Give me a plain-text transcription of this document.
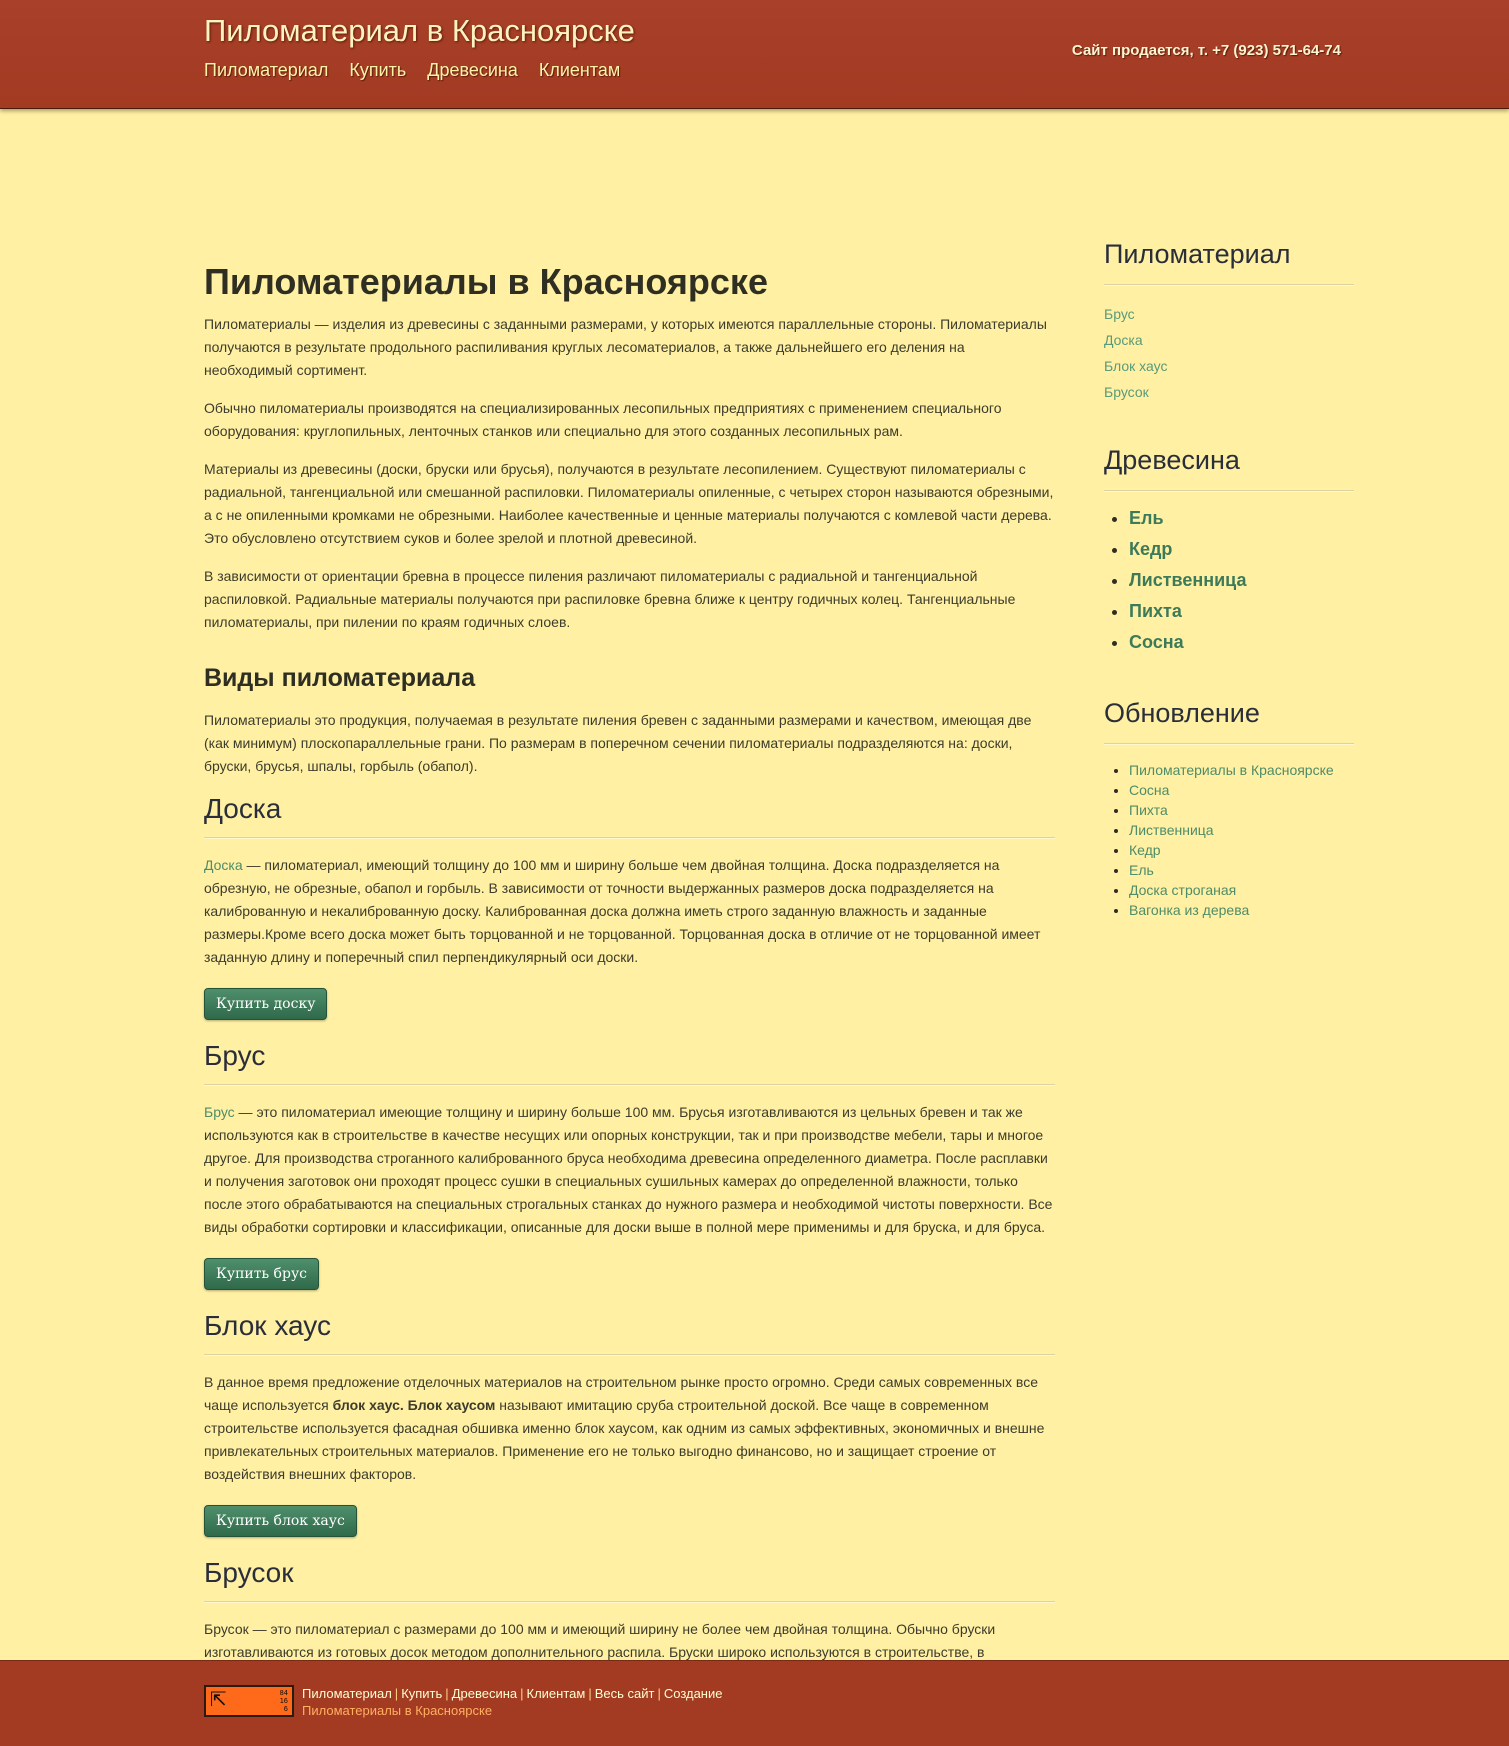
Пиломатериал в Красноярске
Пиломатериал Купить Древесина Клиентам
Сайт продается, т. +7 (923) 571-64-74
Пиломатериалы в Красноярске

Пиломатериалы — изделия из древесины с заданными размерами, у которых имеются параллельные стороны. Пиломатериалы получаются в результате продольного распиливания круглых лесоматериалов, а также дальнейшего его деления на необходимый сортимент.

Обычно пиломатериалы производятся на специализированных лесопильных предприятиях с применением специального оборудования: круглопильных, ленточных станков или специально для этого созданных лесопильных рам.

Материалы из древесины (доски, бруски или брусья), получаются в результате лесопилением. Существуют пиломатериалы с радиальной, тангенциальной или смешанной распиловки. Пиломатериалы опиленные, с четырех сторон называются обрезными, а с не опиленными кромками не обрезными. Наиболее качественные и ценные материалы получаются с комлевой части дерева. Это обусловлено отсутствием суков и более зрелой и плотной древесиной.

В зависимости от ориентации бревна в процессе пиления различают пиломатериалы с радиальной и тангенциальной распиловкой. Радиальные материалы получаются при распиловке бревна ближе к центру годичных колец. Тангенциальные пиломатериалы, при пилении по краям годичных слоев.

Виды пиломатериала

Пиломатериалы это продукция, получаемая в результате пиления бревен с заданными размерами и качеством, имеющая две (как минимум) плоскопараллельные грани. По размерам в поперечном сечении пиломатериалы подразделяются на: доски, бруски, брусья, шпалы, горбыль (обапол).

Доска

Доска — пиломатериал, имеющий толщину до 100 мм и ширину больше чем двойная толщина. Доска подразделяется на обрезную, не обрезные, обапол и горбыль. В зависимости от точности выдержанных размеров доска подразделяется на калиброванную и некалиброванную доску. Калиброванная доска должна иметь строго заданную влажность и заданные размеры.Кроме всего доска может быть торцованной и не торцованной. Торцованная доска в отличие от не торцованной имеет заданную длину и поперечный спил перпендикулярный оси доски.

Купить доску
Брус

Брус — это пиломатериал имеющие толщину и ширину больше 100 мм. Брусья изготавливаются из цельных бревен и так же используются как в строительстве в качестве несущих или опорных конструкции, так и при производстве мебели, тары и многое другое. Для производства строганного калиброванного бруса необходима древесина определенного диаметра. После расплавки и получения заготовок они проходят процесс сушки в специальных сушильных камерах до определенной влажности, только после этого обрабатываются на специальных строгальных станках до нужного размера и необходимой чистоты поверхности. Все виды обработки сортировки и классификации, описанные для доски выше в полной мере применимы и для бруска, и для бруса.

Купить брус
Блок хаус

В данное время предложение отделочных материалов на строительном рынке просто огромно. Среди самых современных все чаще используется блок хаус. Блок хаусом называют имитацию сруба строительной доской. Все чаще в современном строительстве используется фасадная обшивка именно блок хаусом, как одним из самых эффективных, экономичных и внешне привлекательных строительных материалов. Применение его не только выгодно финансово, но и защищает строение от воздействия внешних факторов.

Купить блок хаус
Брусок

Брусок — это пиломатериал с размерами до 100 мм и имеющий ширину не более чем двойная толщина. Обычно бруски изготавливаются из готовых досок методом дополнительного распила. Бруски широко используются в строительстве, в

Пиломатериал
Брус
Доска
Блок хаус
Брусок
Древесина
• Ель
• Кедр
• Лиственница
• Пихта
• Сосна
Обновление
• Пиломатериалы в Красноярске
• Сосна
• Пихта
• Лиственница
• Кедр
• Ель
• Доска строганая
• Вагонка из дерева
⇱	84
16
6
Пиломатериал | Купить | Древесина | Клиентам | Весь сайт | Создание
Пиломатериалы в Красноярске
